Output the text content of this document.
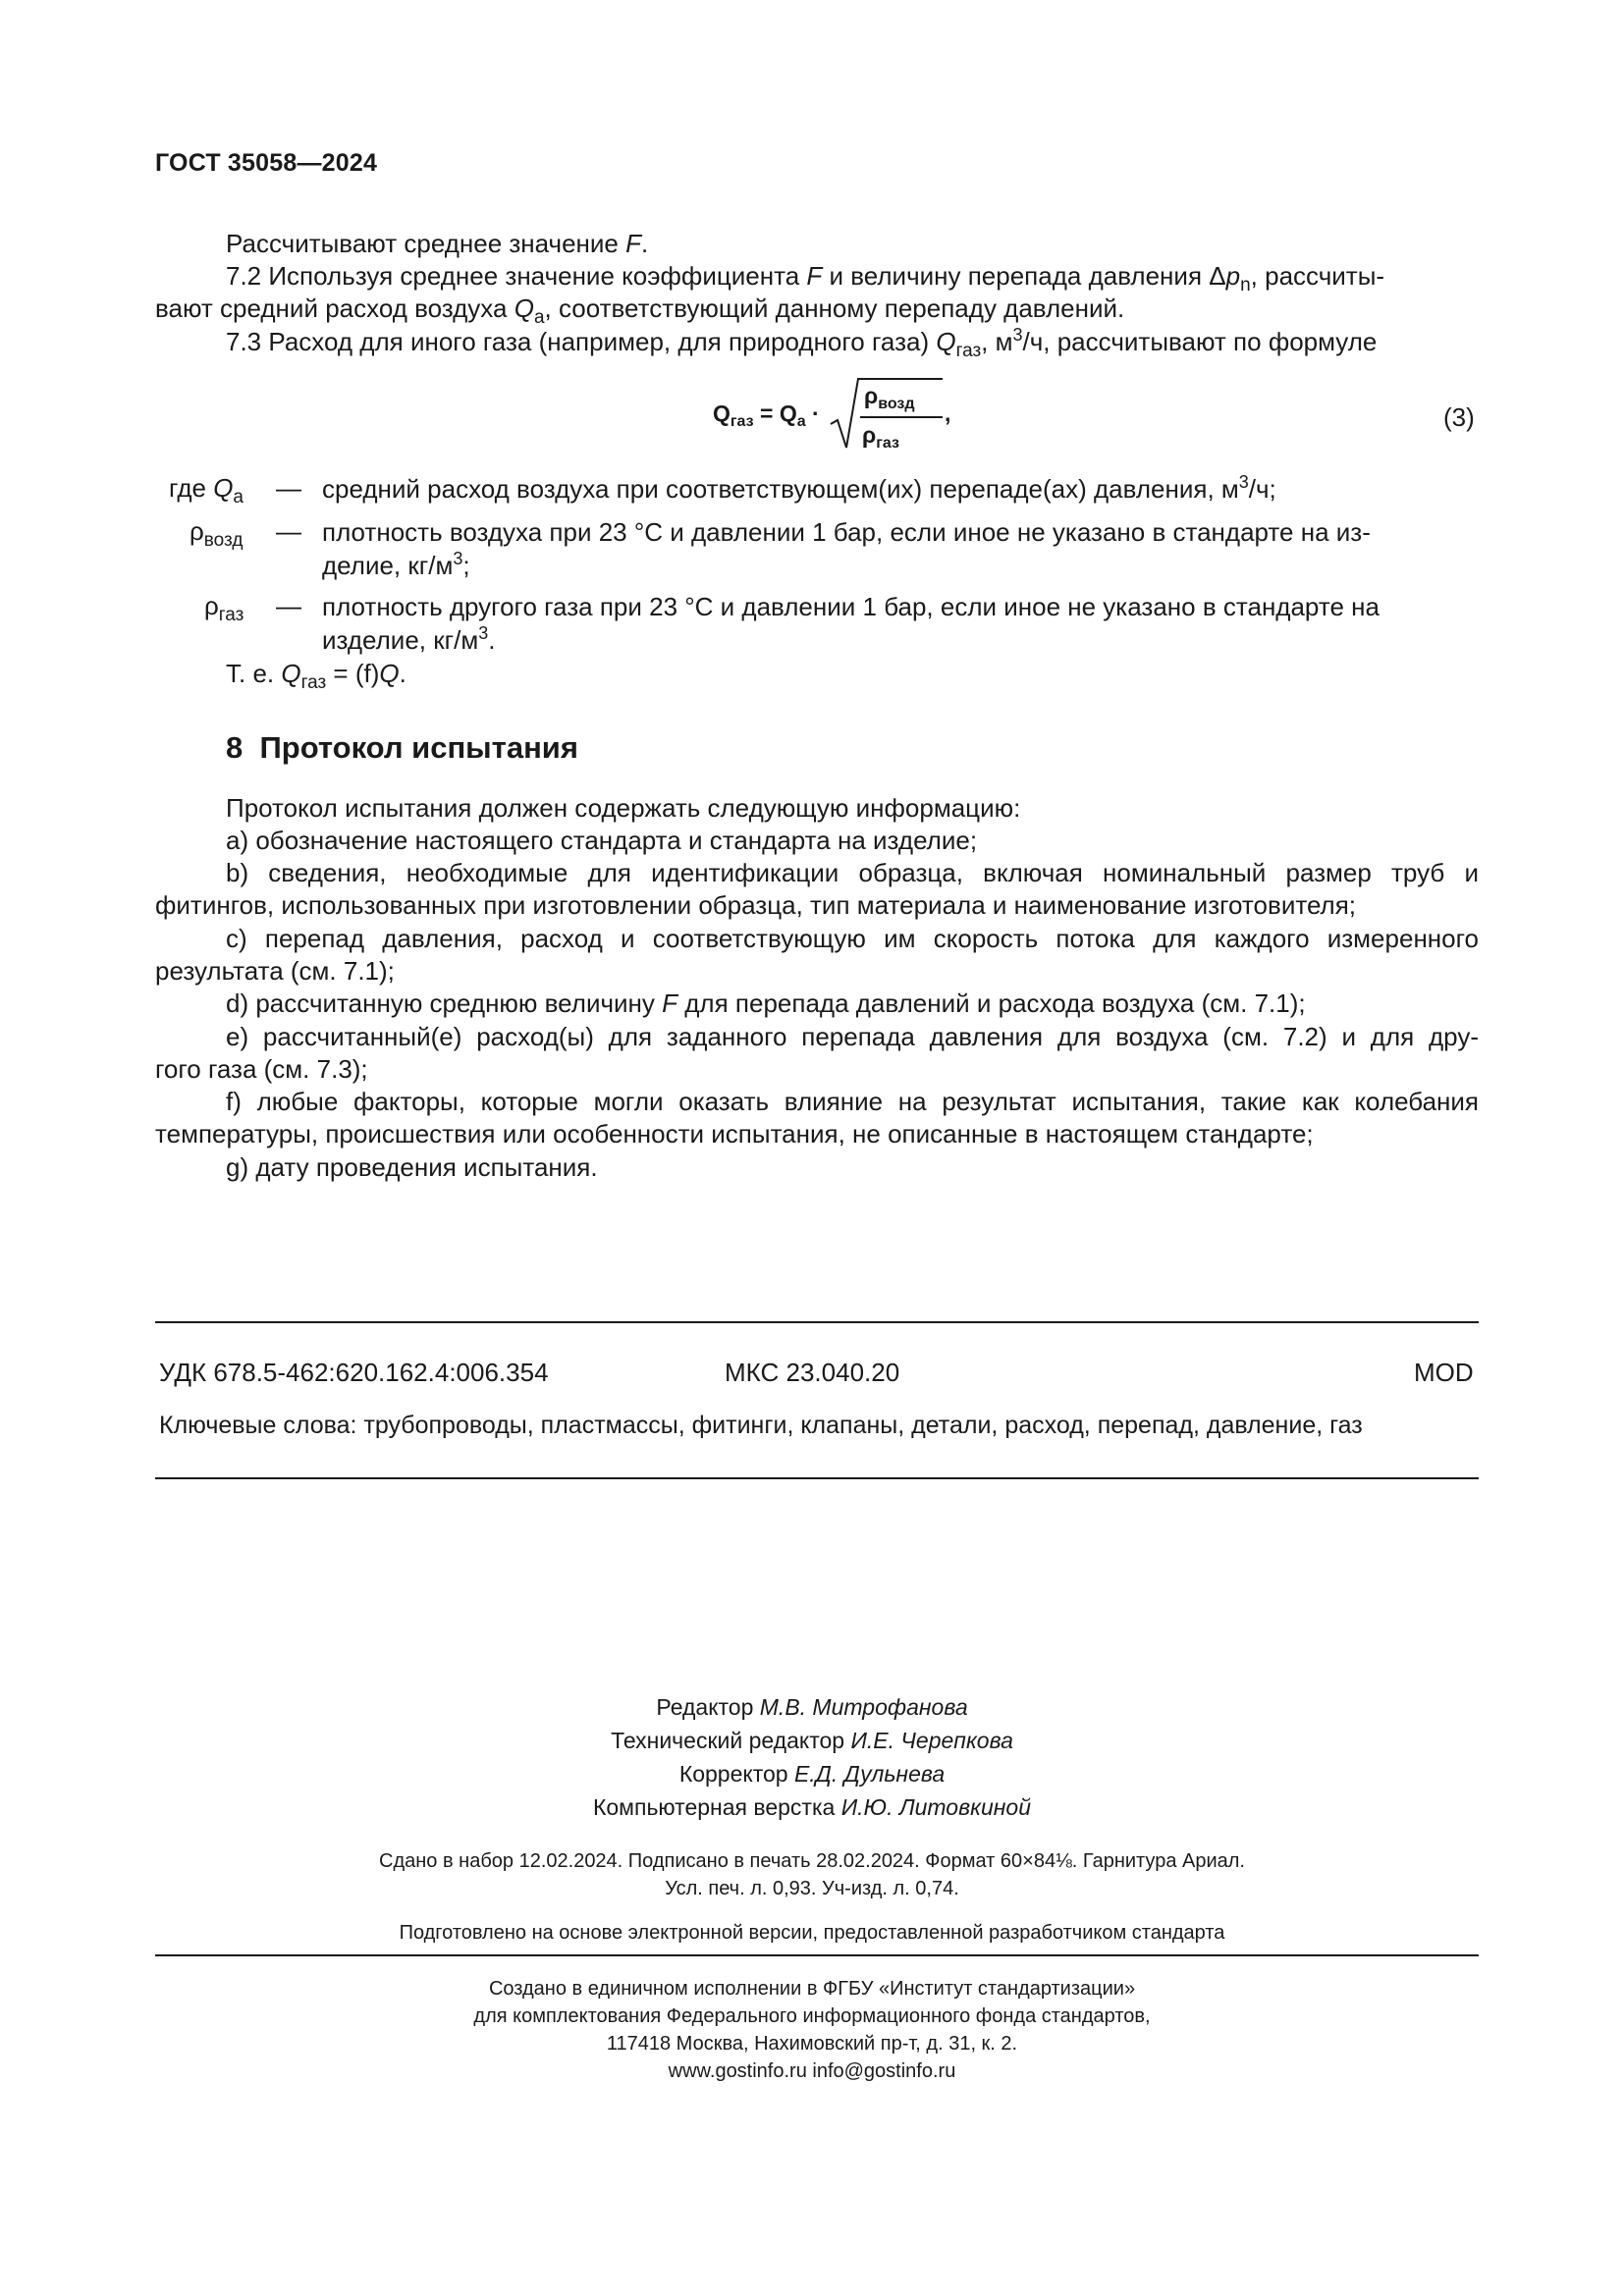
ГОСТ 35058—2024
Рассчитывают среднее значение F.
7.2 Используя среднее значение коэффициента F и величину перепада давления $\Delta p_n$, рассчиты-
вают средний расход воздуха $Q_a$, соответствующий данному перепаду давлений.
7.3 Расход для иного газа (например, для природного газа) $Q_{газ}$, $м^3/ч$, рассчитывают по формуле
$Q_{газ} = Q_a$ ·
$\rho_{возд}$
$\rho_{газ}$
,	(3)
где $Q_a$ — средний расход воздуха при соответствующем(их) перепаде(ах) давления, $м^3/ч$;
$\rho_{возд}$ — плотность воздуха при 23 °С и давлении 1 бар, если иное не указано в стандарте на из-
делие, $кг/м^3$;
$\rho_{газ}$ — плотность другого газа при 23 °С и давлении 1 бар, если иное не указано в стандарте на
изделие, $кг/м^3$.
Т. е. $Q_{газ} = (f)Q$.
8 Протокол испытания
Протокол испытания должен содержать следующую информацию:
a) обозначение настоящего стандарта и стандарта на изделие;
b) сведения, необходимые для идентификации образца, включая номинальный размер труб и
фитингов, использованных при изготовлении образца, тип материала и наименование изготовителя;
с) перепад давления, расход и соответствующую им скорость потока для каждого измеренного
результата (см. 7.1);
d) рассчитанную среднюю величину F для перепада давлений и расхода воздуха (см. 7.1);
e) рассчитанный(е) расход(ы) для заданного перепада давления для воздуха (см. 7.2) и для дру-
гого газа (см. 7.3);
f) любые факторы, которые могли оказать влияние на результат испытания, такие как колебания
температуры, происшествия или особенности испытания, не описанные в настоящем стандарте;
g) дату проведения испытания.
УДК 678.5-462:620.162.4:006.354	МКС 23.040.20	MOD
Ключевые слова: трубопроводы, пластмассы, фитинги, клапаны, детали, расход, перепад, давление, газ
Редактор М.В. Митрофанова
Технический редактор И.Е. Черепкова
Корректор Е.Д. Дульнева
Компьютерная верстка И.Ю. Литовкиной
Сдано в набор 12.02.2024. Подписано в печать 28.02.2024. Формат 60×84⅛. Гарнитура Ариал.
Усл. печ. л. 0,93. Уч-изд. л. 0,74.
Подготовлено на основе электронной версии, предоставленной разработчиком стандарта
Создано в единичном исполнении в ФГБУ «Институт стандартизации»
для комплектования Федерального информационного фонда стандартов,
117418 Москва, Нахимовский пр-т, д. 31, к. 2.
www.gostinfo.ru info@gostinfo.ru
